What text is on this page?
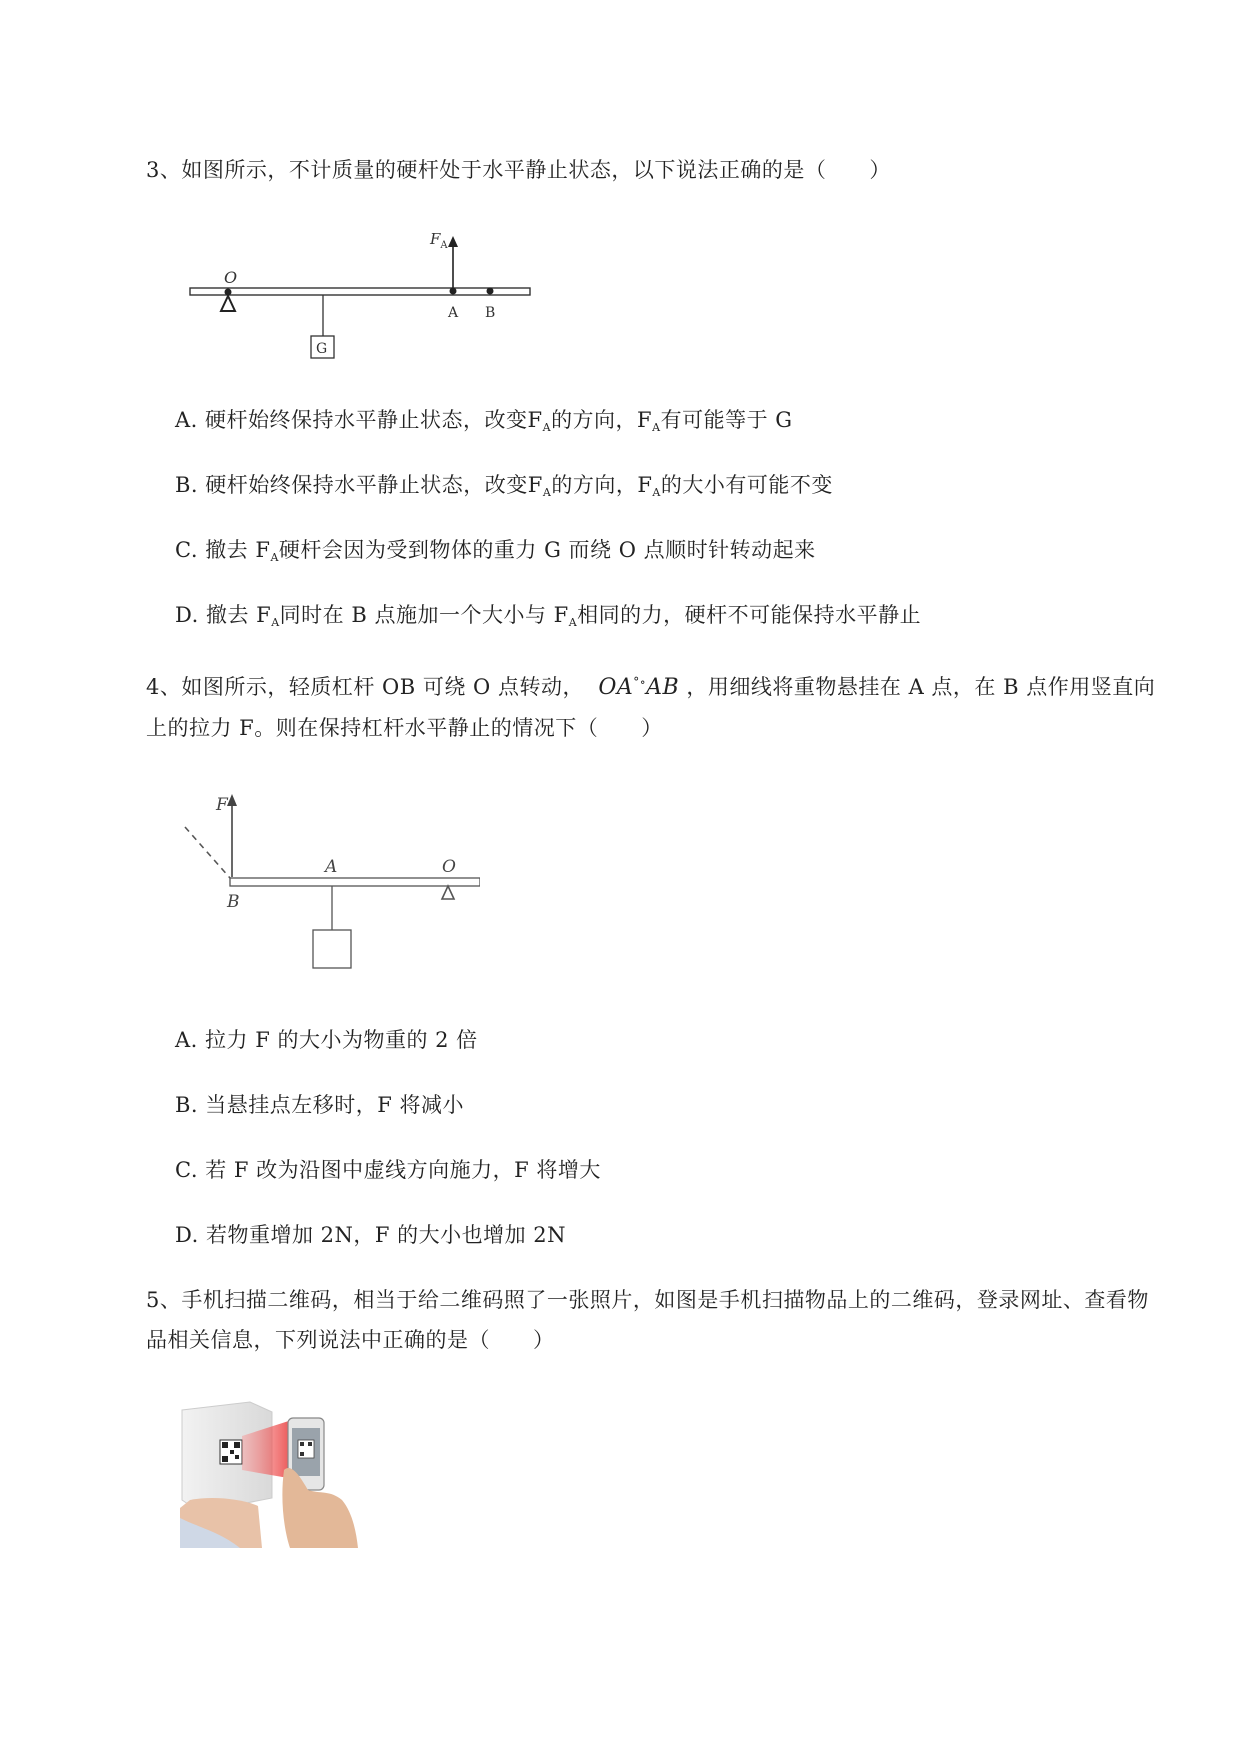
3、如图所示，不计质量的硬杆处于水平静止状态，以下说法正确的是（　　）
O
G
$F_A$
A B
A. 硬杆始终保持水平静止状态，改变$F_A$的方向，$F_A$有可能等于 G
B. 硬杆始终保持水平静止状态，改变$F_A$的方向，$F_A$的大小有可能不变
C. 撤去 $F_A$硬杆会因为受到物体的重力 G 而绕 O 点顺时针转动起来
D. 撤去 $F_A$同时在 B 点施加一个大小与 $F_A$相同的力，硬杆不可能保持水平静止
4、如图所示，轻质杠杆 OB 可绕 O 点转动， OA°∘AB ，用细线将重物悬挂在 A 点，在 B 点作用竖直向上的拉力 F。则在保持杠杆水平静止的情况下（　　）
F
O
A
B
A. 拉力 F 的大小为物重的 2 倍
B. 当悬挂点左移时，F 将减小
C. 若 F 改为沿图中虚线方向施力，F 将增大
D. 若物重增加 2N，F 的大小也增加 2N
5、手机扫描二维码，相当于给二维码照了一张照片，如图是手机扫描物品上的二维码，登录网址、查看物品相关信息，下列说法中正确的是（　　）
